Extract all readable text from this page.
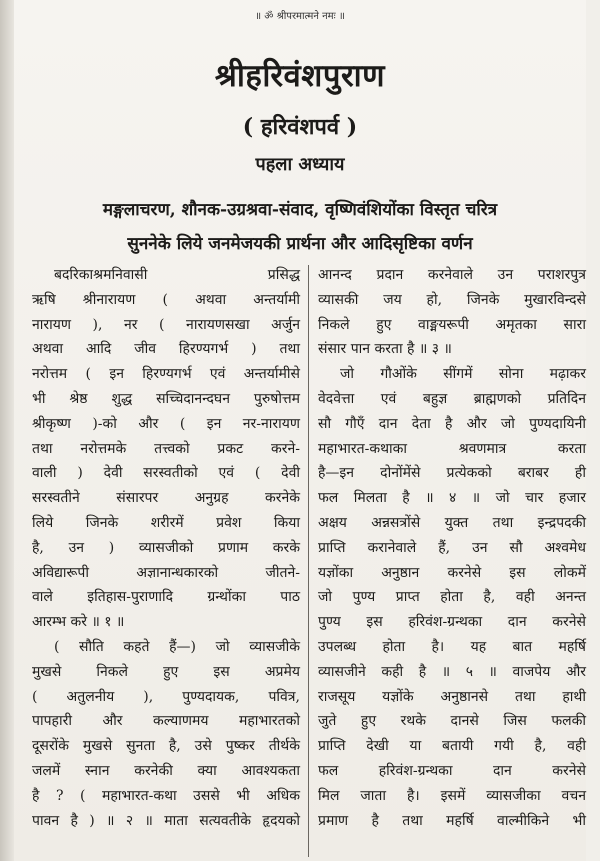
॥ ॐ श्रीपरमात्मने नमः ॥
श्रीहरिवंशपुराण
( हरिवंशपर्व )
पहला अध्याय
मङ्गलाचरण, शौनक-उग्रश्रवा-संवाद, वृष्णिवंशियोंका विस्तृत चरित्र
सुननेके लिये जनमेजयकी प्रार्थना और आदिसृष्टिका वर्णन
बदरिकाश्रमनिवासी प्रसिद्ध
ऋषि श्रीनारायण ( अथवा अन्तर्यामी
नारायण ), नर ( नारायणसखा अर्जुन
अथवा आदि जीव हिरण्यगर्भ ) तथा
नरोत्तम ( इन हिरण्यगर्भ एवं अन्तर्यामीसे
भी श्रेष्ठ शुद्ध सच्चिदानन्दघन पुरुषोत्तम
श्रीकृष्ण )-को और ( इन नर-नारायण
तथा नरोत्तमके तत्त्वको प्रकट करने-
वाली ) देवी सरस्वतीको एवं ( देवी
सरस्वतीने संसारपर अनुग्रह करनेके
लिये जिनके शरीरमें प्रवेश किया
है, उन ) व्यासजीको प्रणाम करके
अविद्यारूपी अज्ञानान्धकारको जीतने-
वाले इतिहास-पुराणादि ग्रन्थोंका पाठ
आरम्भ करे ॥ १ ॥
( सौति कहते हैं—) जो व्यासजीके
मुखसे निकले हुए इस अप्रमेय
( अतुलनीय ), पुण्यदायक, पवित्र,
पापहारी और कल्याणमय महाभारतको
दूसरोंके मुखसे सुनता है, उसे पुष्कर तीर्थके
जलमें स्नान करनेकी क्या आवश्यकता
है ? ( महाभारत-कथा उससे भी अधिक
पावन है ) ॥ २ ॥ माता सत्यवतीके हृदयको
आनन्द प्रदान करनेवाले उन पराशरपुत्र
व्यासकी जय हो, जिनके मुखारविन्दसे
निकले हुए वाङ्मयरूपी अमृतका सारा
संसार पान करता है ॥ ३ ॥
जो गौओंके सींगमें सोना मढ़ाकर
वेदवेत्ता एवं बहुज्ञ ब्राह्मणको प्रतिदिन
सौ गौएँ दान देता है और जो पुण्यदायिनी
महाभारत-कथाका श्रवणमात्र करता
है—इन दोनोंमेंसे प्रत्येकको बराबर ही
फल मिलता है ॥ ४ ॥ जो चार हजार
अक्षय अन्नसत्रोंसे युक्त तथा इन्द्रपदकी
प्राप्ति करानेवाले हैं, उन सौ अश्वमेध
यज्ञोंका अनुष्ठान करनेसे इस लोकमें
जो पुण्य प्राप्त होता है, वही अनन्त
पुण्य इस हरिवंश-ग्रन्थका दान करनेसे
उपलब्ध होता है। यह बात महर्षि
व्यासजीने कही है ॥ ५ ॥ वाजपेय और
राजसूय यज्ञोंके अनुष्ठानसे तथा हाथी
जुते हुए रथके दानसे जिस फलकी
प्राप्ति देखी या बतायी गयी है, वही
फल हरिवंश-ग्रन्थका दान करनेसे
मिल जाता है। इसमें व्यासजीका वचन
प्रमाण है तथा महर्षि वाल्मीकिने भी
